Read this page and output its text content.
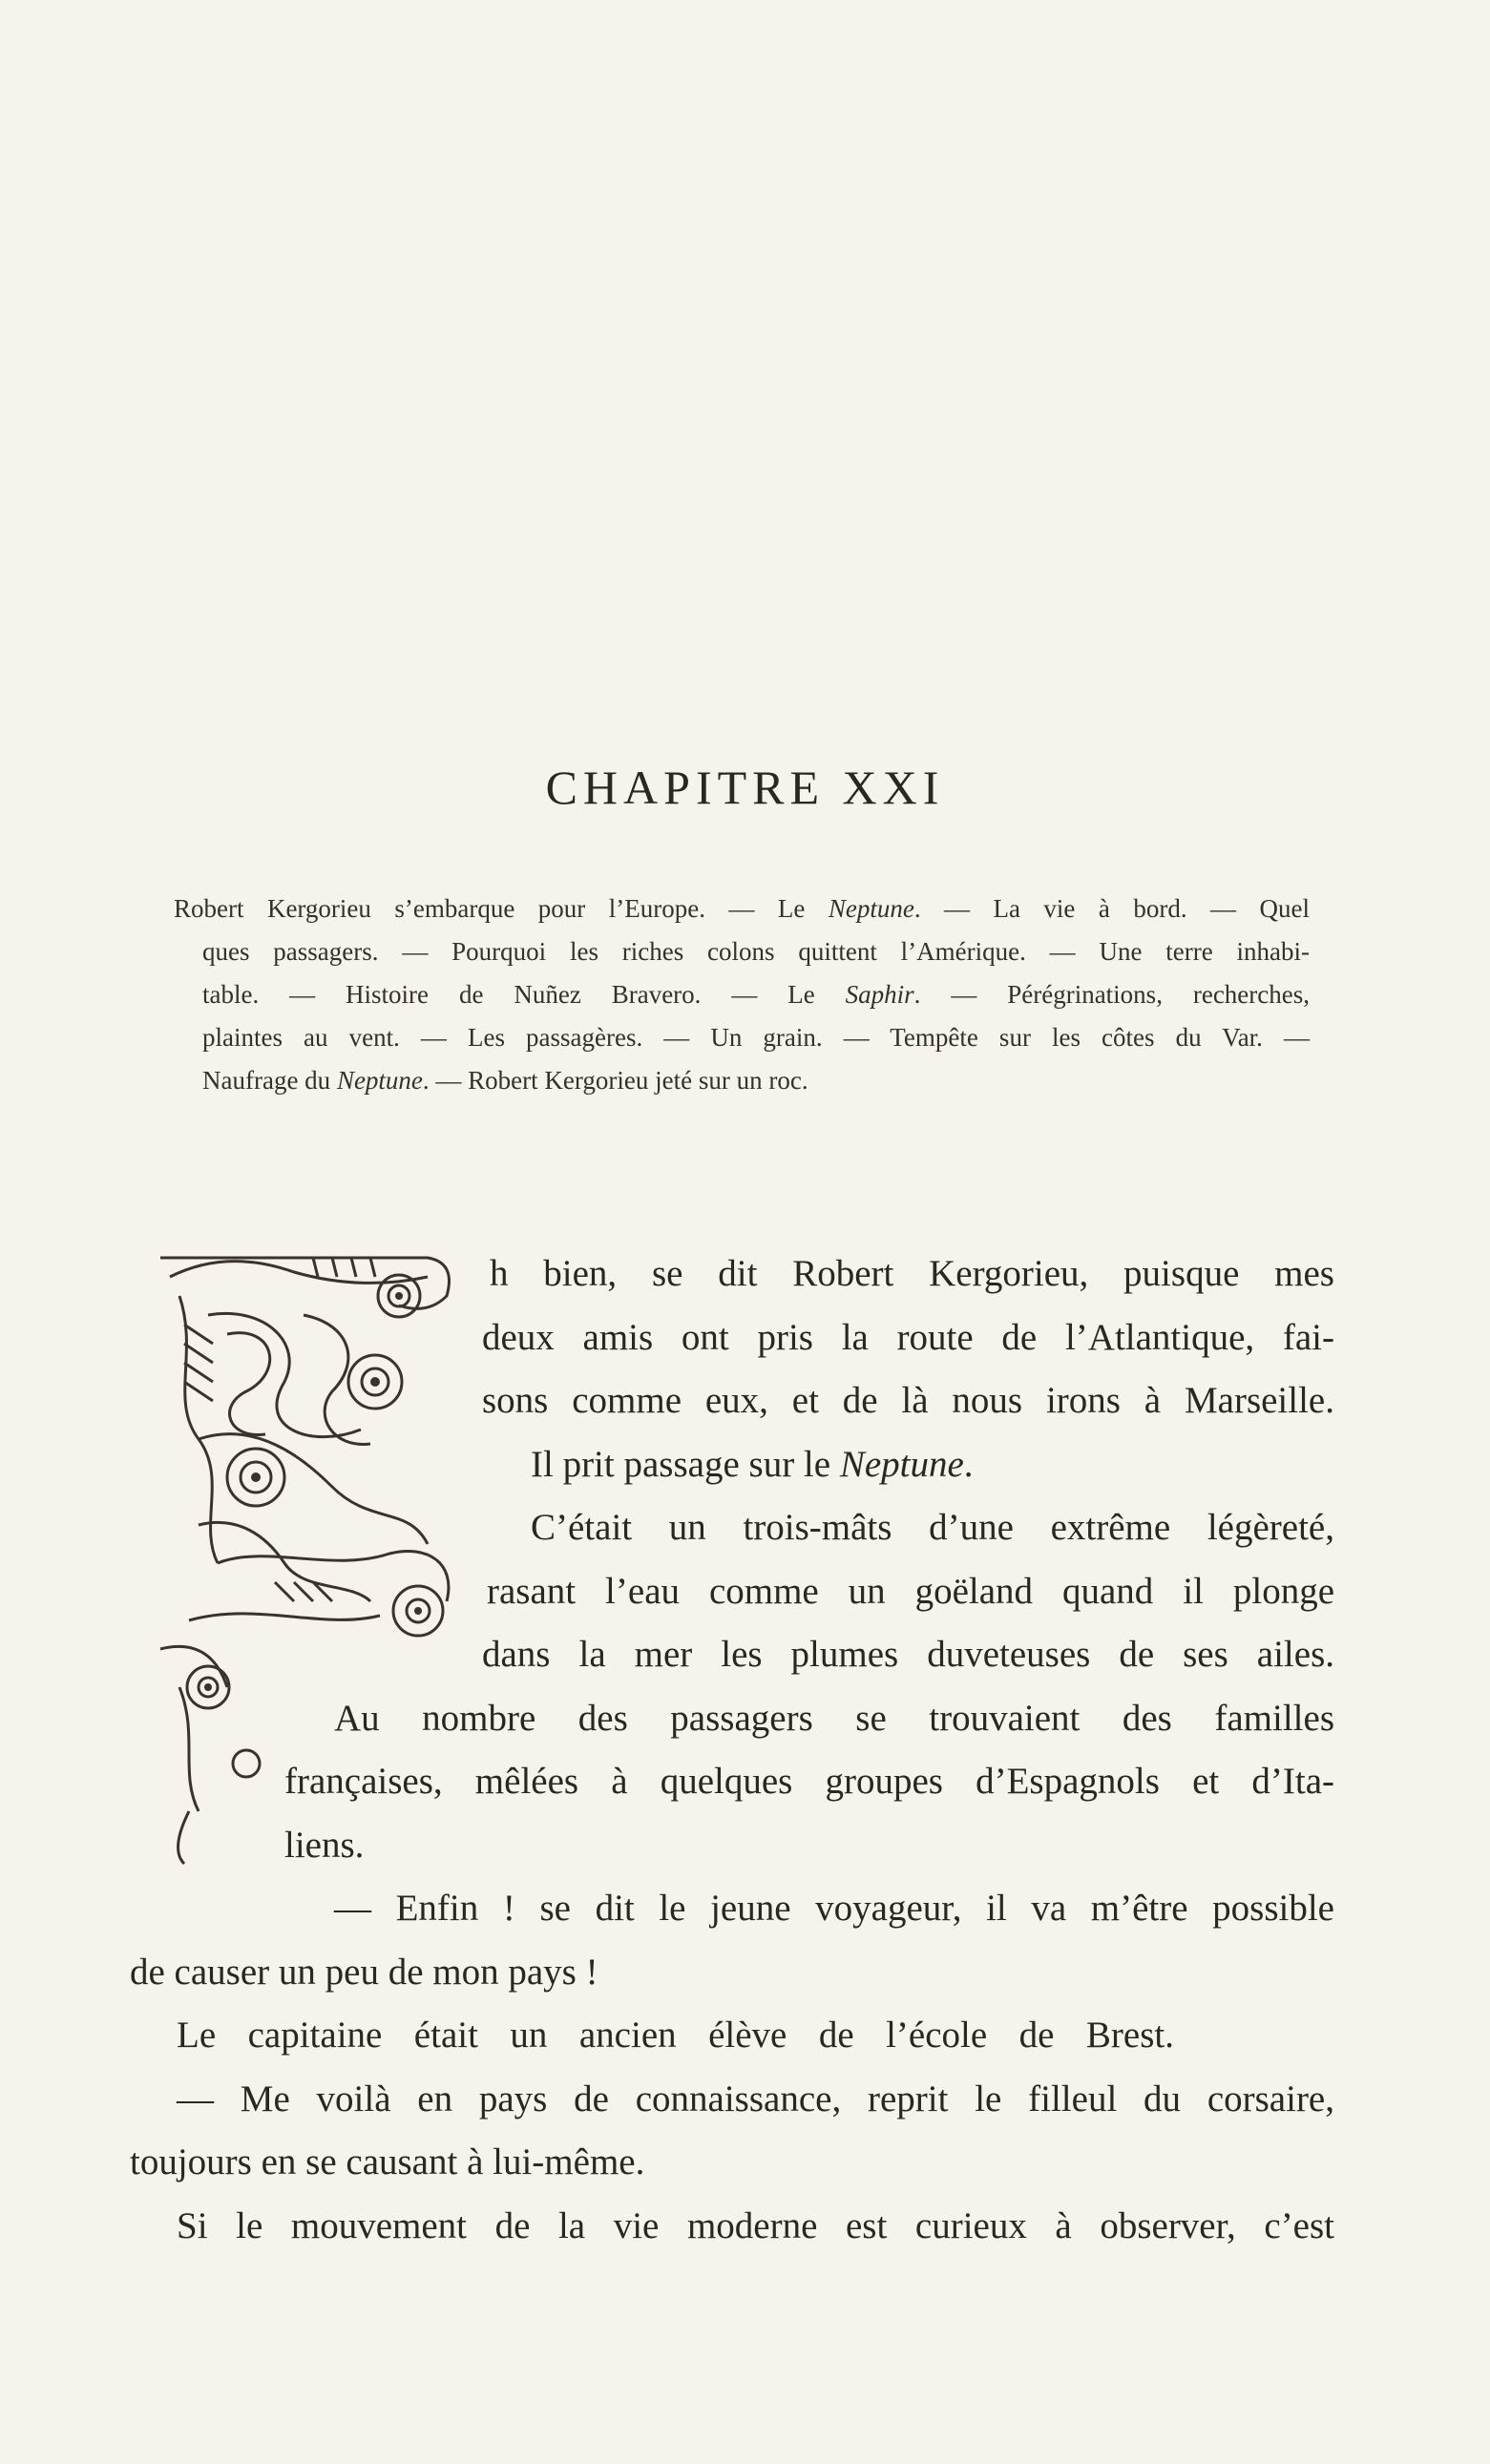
CHAPITRE XXI
Robert Kergorieu s’embarque pour l’Europe. — Le Neptune. — La vie à bord. — Quel
ques passagers. — Pourquoi les riches colons quittent l’Amérique. — Une terre inhabi-
table. — Histoire de Nuñez Bravero. — Le Saphir. — Pérégrinations, recherches,
plaintes au vent. — Les passagères. — Un grain. — Tempête sur les côtes du Var. —
Naufrage du Neptune. — Robert Kergorieu jeté sur un roc.
h bien, se dit Robert Kergorieu, puisque mes
deux amis ont pris la route de l’Atlantique, fai-
sons comme eux, et de là nous irons à Marseille.
Il prit passage sur le Neptune.
C’était un trois-mâts d’une extrême légèreté,
rasant l’eau comme un goëland quand il plonge
dans la mer les plumes duveteuses de ses ailes.
Au nombre des passagers se trouvaient des familles
françaises, mêlées à quelques groupes d’Espagnols et d’Ita-
liens.
— Enfin ! se dit le jeune voyageur, il va m’être possible
de causer un peu de mon pays !
Le capitaine était un ancien élève de l’école de Brest.
— Me voilà en pays de connaissance, reprit le filleul du corsaire,
toujours en se causant à lui-même.
Si le mouvement de la vie moderne est curieux à observer, c’est
